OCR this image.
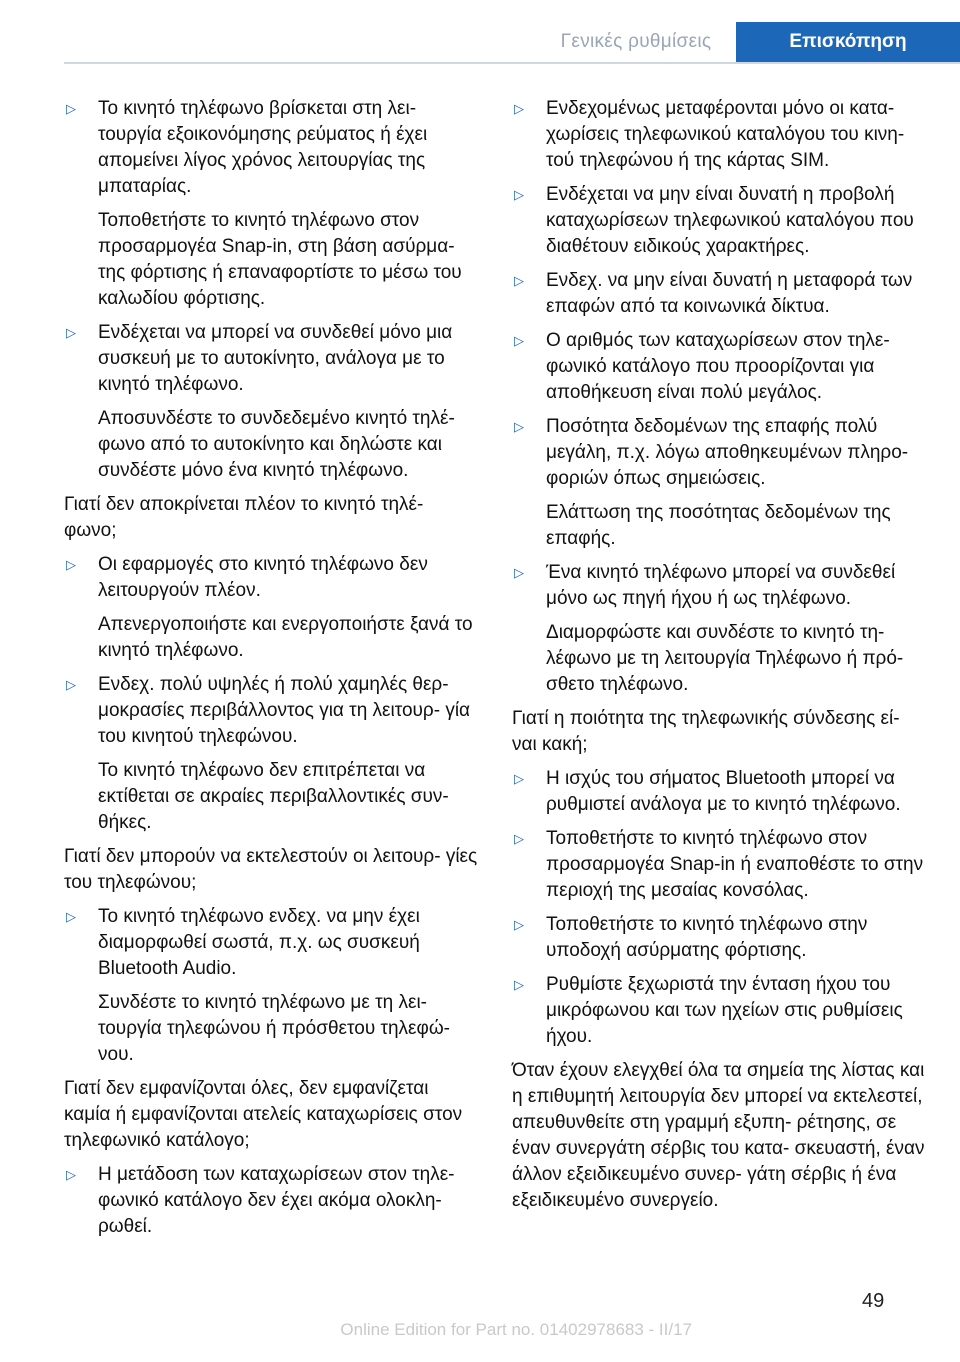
Γενικές ρυθμίσεις	Επισκόπηση
▷ Το κινητό τηλέφωνο βρίσκεται στη λει- τουργία εξοικονόμησης ρεύματος ή έχει απομείνει λίγος χρόνος λειτουργίας της μπαταρίας.

Τοποθετήστε το κινητό τηλέφωνο στον προσαρμογέα Snap-in, στη βάση ασύρμα- της φόρτισης ή επαναφορτίστε το μέσω του καλωδίου φόρτισης.

▷ Ενδέχεται να μπορεί να συνδεθεί μόνο μια συσκευή με το αυτοκίνητο, ανάλογα με το κινητό τηλέφωνο.

Αποσυνδέστε το συνδεδεμένο κινητό τηλέ- φωνο από το αυτοκίνητο και δηλώστε και συνδέστε μόνο ένα κινητό τηλέφωνο.

Γιατί δεν αποκρίνεται πλέον το κινητό τηλέ- φωνο;

▷ Οι εφαρμογές στο κινητό τηλέφωνο δεν λειτουργούν πλέον.

Απενεργοποιήστε και ενεργοποιήστε ξανά το κινητό τηλέφωνο.

▷ Ενδεχ. πολύ υψηλές ή πολύ χαμηλές θερ- μοκρασίες περιβάλλοντος για τη λειτουρ- γία του κινητού τηλεφώνου.

Το κινητό τηλέφωνο δεν επιτρέπεται να εκτίθεται σε ακραίες περιβαλλοντικές συν- θήκες.

Γιατί δεν μπορούν να εκτελεστούν οι λειτουρ- γίες του τηλεφώνου;

▷ Το κινητό τηλέφωνο ενδεχ. να μην έχει διαμορφωθεί σωστά, π.χ. ως συσκευή Bluetooth Audio.

Συνδέστε το κινητό τηλέφωνο με τη λει- τουργία τηλεφώνου ή πρόσθετου τηλεφώ- νου.

Γιατί δεν εμφανίζονται όλες, δεν εμφανίζεται καμία ή εμφανίζονται ατελείς καταχωρίσεις στον τηλεφωνικό κατάλογο;

▷ Η μετάδοση των καταχωρίσεων στον τηλε- φωνικό κατάλογο δεν έχει ακόμα ολοκλη- ρωθεί.

▷ Ενδεχομένως μεταφέρονται μόνο οι κατα- χωρίσεις τηλεφωνικού καταλόγου του κινη- τού τηλεφώνου ή της κάρτας SIM.

▷ Ενδέχεται να μην είναι δυνατή η προβολή καταχωρίσεων τηλεφωνικού καταλόγου που διαθέτουν ειδικούς χαρακτήρες.

▷ Ενδεχ. να μην είναι δυνατή η μεταφορά των επαφών από τα κοινωνικά δίκτυα.

▷ Ο αριθμός των καταχωρίσεων στον τηλε- φωνικό κατάλογο που προορίζονται για αποθήκευση είναι πολύ μεγάλος.

▷ Ποσότητα δεδομένων της επαφής πολύ μεγάλη, π.χ. λόγω αποθηκευμένων πληρο- φοριών όπως σημειώσεις.

Ελάττωση της ποσότητας δεδομένων της επαφής.

▷ Ένα κινητό τηλέφωνο μπορεί να συνδεθεί μόνο ως πηγή ήχου ή ως τηλέφωνο.

Διαμορφώστε και συνδέστε το κινητό τη- λέφωνο με τη λειτουργία Τηλέφωνο ή πρό- σθετο τηλέφωνο.

Γιατί η ποιότητα της τηλεφωνικής σύνδεσης εί- ναι κακή;

▷ Η ισχύς του σήματος Bluetooth μπορεί να ρυθμιστεί ανάλογα με το κινητό τηλέφωνο.

▷ Τοποθετήστε το κινητό τηλέφωνο στον προσαρμογέα Snap-in ή εναποθέστε το στην περιοχή της μεσαίας κονσόλας.

▷ Τοποθετήστε το κινητό τηλέφωνο στην υποδοχή ασύρματης φόρτισης.

▷ Ρυθμίστε ξεχωριστά την ένταση ήχου του μικρόφωνου και των ηχείων στις ρυθμίσεις ήχου.

Όταν έχουν ελεγχθεί όλα τα σημεία της λίστας και η επιθυμητή λειτουργία δεν μπορεί να εκτελεστεί, απευθυνθείτε στη γραμμή εξυπη- ρέτησης, σε έναν συνεργάτη σέρβις του κατα- σκευαστή, έναν άλλον εξειδικευμένο συνερ- γάτη σέρβις ή ένα εξειδικευμένο συνεργείο.

49
Online Edition for Part no. 01402978683 - II/17
